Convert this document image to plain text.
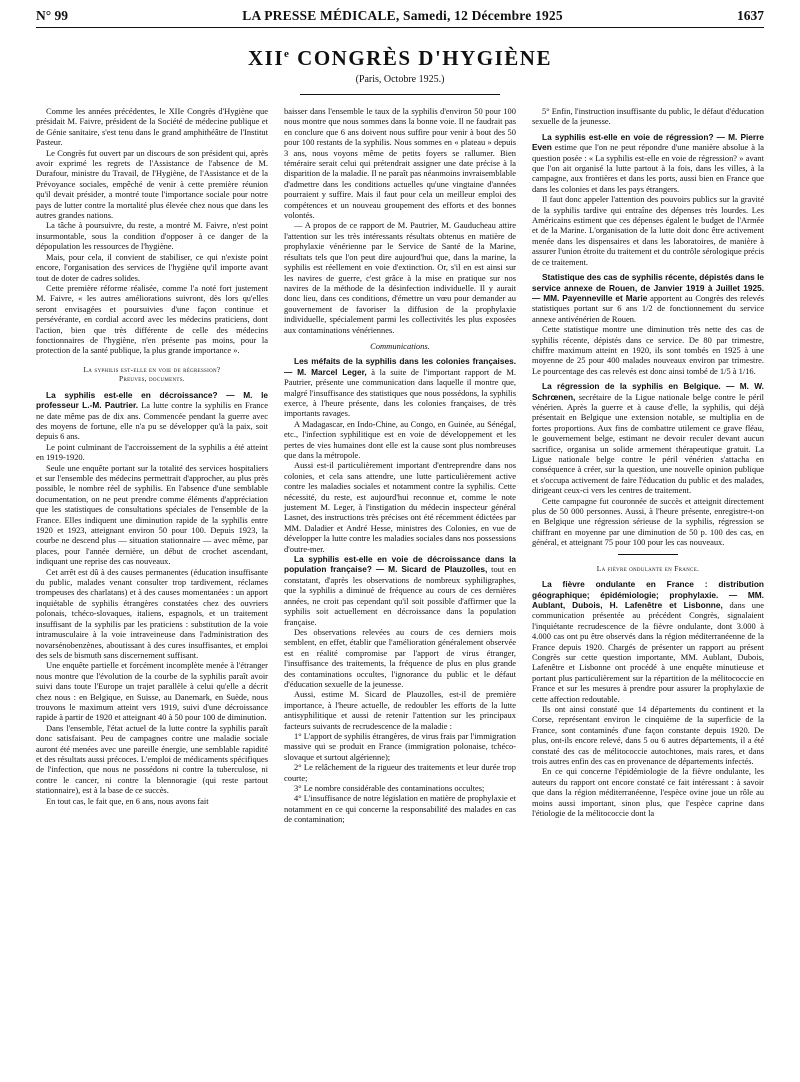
N° 99	LA PRESSE MÉDICALE, Samedi, 12 Décembre 1925	1637
XIIe CONGRÈS D'HYGIÈNE
(Paris, Octobre 1925.)

Comme les années précédentes, le XIIe Congrès d'Hygiène que présidait M. Faivre, président de la Société de médecine publique et de Génie sanitaire, s'est tenu dans le grand amphithéâtre de l'Institut Pasteur.

Le Congrès fut ouvert par un discours de son président qui, après avoir exprimé les regrets de l'Assistance de l'absence de M. Durafour, ministre du Travail, de l'Hygiène, de l'Assistance et de la Prévoyance sociales, empêché de venir à cette première réunion qu'il devait présider, a montré toute l'importance sociale pour notre pays de lutter contre la mortalité plus élevée chez nous que dans les autres grandes nations.

La tâche à poursuivre, du reste, a montré M. Faivre, n'est point insurmontable, sous la condition d'opposer à ce danger de la dépopulation les ressources de l'hygiène.

Mais, pour cela, il convient de stabiliser, ce qui n'existe point encore, l'organisation des services de l'hygiène qu'il importe avant tout de doter de cadres solides.

Cette première réforme réalisée, comme l'a noté fort justement M. Faivre, « les autres améliorations suivront, dès lors qu'elles seront envisagées et poursuivies d'une façon continue et persévérante, en cordial accord avec les médecins praticiens, dont l'action, bien que très différente de celle des médecins fonctionnaires de l'hygiène, n'en présente pas moins, pour la protection de la santé publique, la plus grande importance ».

La syphilis est-elle en voie de régression?
Preuves, documents.

La syphilis est-elle en décroissance? — M. le professeur L.-M. Pautrier. La lutte contre la syphilis en France ne date même pas de dix ans. Commencée pendant la guerre avec des moyens de fortune, elle n'a pu se développer qu'à la paix, soit depuis 6 ans.

Le point culminant de l'accroissement de la syphilis a été atteint en 1919-1920.

Seule une enquête portant sur la totalité des services hospitaliers et sur l'ensemble des médecins permettrait d'approcher, au plus près possible, le nombre réel de syphilis. En l'absence d'une semblable documentation, on ne peut prendre comme éléments d'appréciation que les statistiques de consultations spéciales de l'ensemble de la France. Elles indiquent une diminution rapide de la syphilis entre 1920 et 1923, atteignant environ 50 pour 100. Depuis 1923, la courbe ne descend plus — situation stationnaire — avec même, par places, pour l'année dernière, un début de crochet ascendant, indiquant une reprise des cas nouveaux.

Cet arrêt est dû à des causes permanentes (éducation insuffisante du public, malades venant consulter trop tardivement, réclames trompeuses des charlatans) et à des causes momentanées : un apport inquiétable de syphilis étrangères constatées chez des ouvriers polonais, tchéco-slovaques, italiens, espagnols, et un traitement insuffisant de la syphilis par les praticiens : substitution de la voie intramusculaire à la voie intraveineuse dans l'administration des novarsénobenzènes, aboutissant à des cures insuffisantes, et emploi des sels de bismuth sans discernement suffisant.

Une enquête partielle et forcément incomplète menée à l'étranger nous montre que l'évolution de la courbe de la syphilis paraît avoir suivi dans toute l'Europe un trajet parallèle à celui qu'elle a décrit chez nous : en Belgique, en Suisse, au Danemark, en Suède, nous trouvons le maximum atteint vers 1919, suivi d'une décroissance rapide à partir de 1920 et atteignant 40 à 50 pour 100 de diminution.

Dans l'ensemble, l'état actuel de la lutte contre la syphilis paraît donc satisfaisant. Peu de campagnes contre une maladie sociale auront été menées avec une pareille énergie, une semblable rapidité et des résultats aussi précoces. L'emploi de médicaments spécifiques de l'infection, que nous ne possédons ni contre la tuberculose, ni contre le cancer, ni contre la blennoragie (qui reste partout stationnaire), est à la base de ce succès.

En tout cas, le fait que, en 6 ans, nous avons fait

baisser dans l'ensemble le taux de la syphilis d'environ 50 pour 100 nous montre que nous sommes dans la bonne voie. Il ne faudrait pas en conclure que 6 ans doivent nous suffire pour venir à bout des 50 pour 100 restants de la syphilis. Nous sommes en « plateau » depuis 3 ans, nous voyons même de petits foyers se rallumer. Bien téméraire serait celui qui prétendrait assigner une date précise à la disparition de la maladie. Il ne paraît pas néanmoins invraisemblable d'admettre dans les conditions actuelles qu'une vingtaine d'années pourraient y suffire. Mais il faut pour cela un meilleur emploi des compétences et un nouveau groupement des efforts et des bonnes volontés.

— A propos de ce rapport de M. Pautrier, M. Gauducheau attire l'attention sur les très intéressants résultats obtenus en matière de prophylaxie vénérienne par le Service de Santé de la Marine, résultats tels que l'on peut dire aujourd'hui que, dans la marine, la syphilis est réellement en voie d'extinction. Or, s'il en est ainsi sur les navires de guerre, c'est grâce à la mise en pratique sur nos navires de la méthode de la désinfection individuelle. Il y aurait donc lieu, dans ces conditions, d'émettre un vœu pour demander au gouvernement de favoriser la diffusion de la prophylaxie individuelle, spécialement parmi les collectivités les plus exposées aux contaminations vénériennes.

Communications.

Les méfaits de la syphilis dans les colonies françaises. — M. Marcel Leger, à la suite de l'important rapport de M. Pautrier, présente une communication dans laquelle il montre que, malgré l'insuffisance des statistiques que nous possédons, la syphilis exerce, à l'heure présente, dans les colonies françaises, de très importants ravages.

A Madagascar, en Indo-Chine, au Congo, en Guinée, au Sénégal, etc., l'infection syphilitique est en voie de développement et les pertes de vies humaines dont elle est la cause sont plus nombreuses que dans la métropole.

Aussi est-il particulièrement important d'entreprendre dans nos colonies, et cela sans attendre, une lutte particulièrement active contre les maladies sociales et notamment contre la syphilis. Cette nécessité, du reste, est aujourd'hui reconnue et, comme le note justement M. Leger, à l'instigation du médecin inspecteur général Lasnet, des instructions très précises ont été récemment édictées par MM. Daladier et André Hesse, ministres des Colonies, en vue de développer la lutte contre les maladies sociales dans nos possessions d'outre-mer.

La syphilis est-elle en voie de décroissance dans la population française? — M. Sicard de Plauzolles, tout en constatant, d'après les observations de nombreux syphiligraphes, que la syphilis a diminué de fréquence au cours de ces dernières années, ne croit pas cependant qu'il soit possible d'affirmer que la syphilis soit actuellement en décroissance dans la population française.

Des observations relevées au cours de ces derniers mois semblent, en effet, établir que l'amélioration généralement observée est en réalité compromise par l'apport de virus étranger, l'insuffisance des traitements, la fréquence de plus en plus grande des contaminations occultes, l'ignorance du public et le défaut d'éducation sexuelle de la jeunesse.

Aussi, estime M. Sicard de Plauzolles, est-il de première importance, à l'heure actuelle, de redoubler les efforts de la lutte antisyphilitique et aussi de retenir l'attention sur les principaux facteurs suivants de recrudescence de la maladie :

1° L'apport de syphilis étrangères, de virus frais par l'immigration massive qui se produit en France (immigration polonaise, tchéco-slovaque et surtout algérienne);

2° Le relâchement de la rigueur des traitements et leur durée trop courte;

3° Le nombre considérable des contaminations occultes;

4° L'insuffisance de notre législation en matière de prophylaxie et notamment en ce qui concerne la responsabilité des malades en cas de contamination;

5° Enfin, l'instruction insuffisante du public, le défaut d'éducation sexuelle de la jeunesse.

La syphilis est-elle en voie de régression? — M. Pierre Even estime que l'on ne peut répondre d'une manière absolue à la question posée : « La syphilis est-elle en voie de régression? » avant que l'on ait organisé la lutte partout à la fois, dans les villes, à la campagne, aux frontières et dans les ports, aussi bien en France que dans les colonies et dans les pays étrangers.

Il faut donc appeler l'attention des pouvoirs publics sur la gravité de la syphilis tardive qui entraîne des dépenses très lourdes. Les Américains estiment que ces dépenses égalent le budget de l'Armée et de la Marine. L'organisation de la lutte doit donc être activement menée dans les dispensaires et dans les laboratoires, de manière à assurer l'union étroite du traitement et du contrôle sérologique précis de ce traitement.

Statistique des cas de syphilis récente, dépistés dans le service annexe de Rouen, de Janvier 1919 à Juillet 1925. — MM. Payenneville et Marie apportent au Congrès des relevés statistiques portant sur 6 ans 1/2 de fonctionnement du service annexe antivénérien de Rouen.

Cette statistique montre une diminution très nette des cas de syphilis récente, dépistés dans ce service. De 80 par trimestre, chiffre maximum atteint en 1920, ils sont tombés en 1925 à une moyenne de 25 pour 400 malades nouveaux environ par trimestre. Le pourcentage des cas relevés est donc ainsi tombé de 1/5 à 1/16.

La régression de la syphilis en Belgique. — M. W. Schrœnen, secrétaire de la Ligue nationale belge contre le péril vénérien. Après la guerre et à cause d'elle, la syphilis, qui déjà présentait en Belgique une extension notable, se multiplia en de fortes proportions. Aux fins de combattre utilement ce grave fléau, le gouvernement belge, estimant ne devoir reculer devant aucun sacrifice, organisa un solide armement thérapeutique gratuit. La Ligue nationale belge contre le péril vénérien s'attacha en conséquence à créer, sur la question, une nouvelle opinion publique et s'occupa activement de faire l'éducation du public et des malades, dirigeant ceux-ci vers les centres de traitement.

Cette campagne fut couronnée de succès et atteignit directement plus de 50 000 personnes. Aussi, à l'heure présente, enregistre-t-on en Belgique une régression sérieuse de la syphilis, régression se chiffrant en moyenne par une diminution de 50 p. 100 des cas, en général, et atteignant 75 pour 100 pour les cas nouveaux.

La fièvre ondulante en France.

La fièvre ondulante en France : distribution géographique; épidémiologie; prophylaxie. — MM. Aublant, Dubois, H. Lafenêtre et Lisbonne, dans une communication présentée au précédent Congrès, signalaient l'inquiétante recrudescence de la fièvre ondulante, dont 3.000 à 4.000 cas ont pu être observés dans la région méditerranéenne de la France depuis 1920. Chargés de présenter un rapport au présent Congrès sur cette question importante, MM. Aublant, Dubois, Lafenêtre et Lisbonne ont procédé à une enquête minutieuse et portant plus particulièrement sur la répartition de la mélitococcie en France et sur les mesures à prendre pour assurer la prophylaxie de cette affection redoutable.

Ils ont ainsi constaté que 14 départements du continent et la Corse, représentant environ le cinquième de la superficie de la France, sont contaminés d'une façon constante depuis 1920. De plus, ont-ils encore relevé, dans 5 ou 6 autres départements, il a été constaté des cas de mélitococcie autochtones, mais rares, et dans trois autres enfin des cas en provenance de départements infectés.

En ce qui concerne l'épidémiologie de la fièvre ondulante, les auteurs du rapport ont encore constaté ce fait intéressant : à savoir que dans la région méditerranéenne, l'espèce ovine joue un rôle au moins aussi important, sinon plus, que l'espèce caprine dans l'étiologie de la mélitococcie dont la
